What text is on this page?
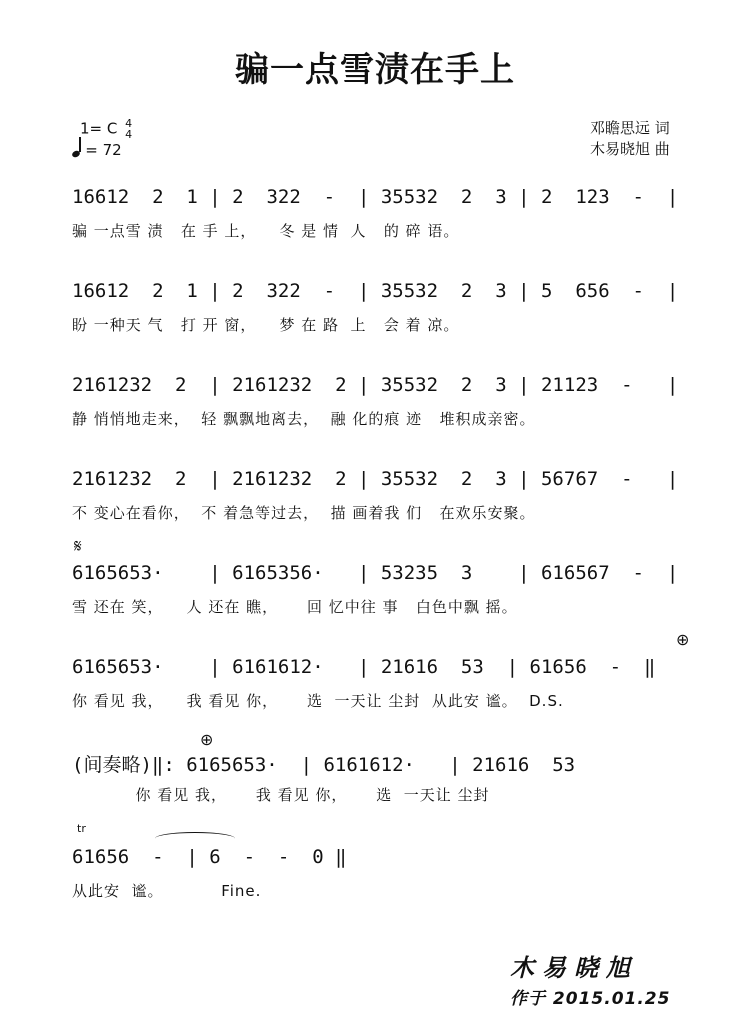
骗一点雪渍在手上
1= C 4
4
= 72
邓瞻思远 词
木易晓旭 曲
16612  2  1 | 2  322  -  | 35532  2  3 | 2  123  -  |
骗 一点雪 渍   在 手 上，    冬 是 情  人   的 碎 语。
16612  2  1 | 2  322  -  | 35532  2  3 | 5  656  -  |
盼 一种天 气   打 开 窗，    梦 在 路  上   会 着 凉。
2161232  2  | 2161232  2 | 35532  2  3 | 21123  -   |
静 悄悄地走来，  轻 飘飘地离去，  融 化的痕 迹   堆积成亲密。
2161232  2  | 2161232  2 | 35532  2  3 | 56767  -   |
不 变心在看你，  不 着急等过去，  描 画着我 们   在欢乐安聚。
𝄋
6165653·    | 6165356·   | 53235  3    | 616567  -  |
雪 还在 笑，    人 还在 瞧，     回 忆中往 事   白色中飘 摇。
⊕
6165653·    | 6161612·   | 21616  53  | 61656  -  ‖
你 看见 我，    我 看见 你，     选  一天让 尘封  从此安 谧。  D.S.
⊕
(间奏略)‖: 6165653·  | 6161612·   | 21616  53
你 看见 我，     我 看见 你，     选  一天让 尘封
tr
61656  -  | 6  -  -  0 ‖
从此安  谧。          Fine.
木易晓旭
作于 2015.01.25
